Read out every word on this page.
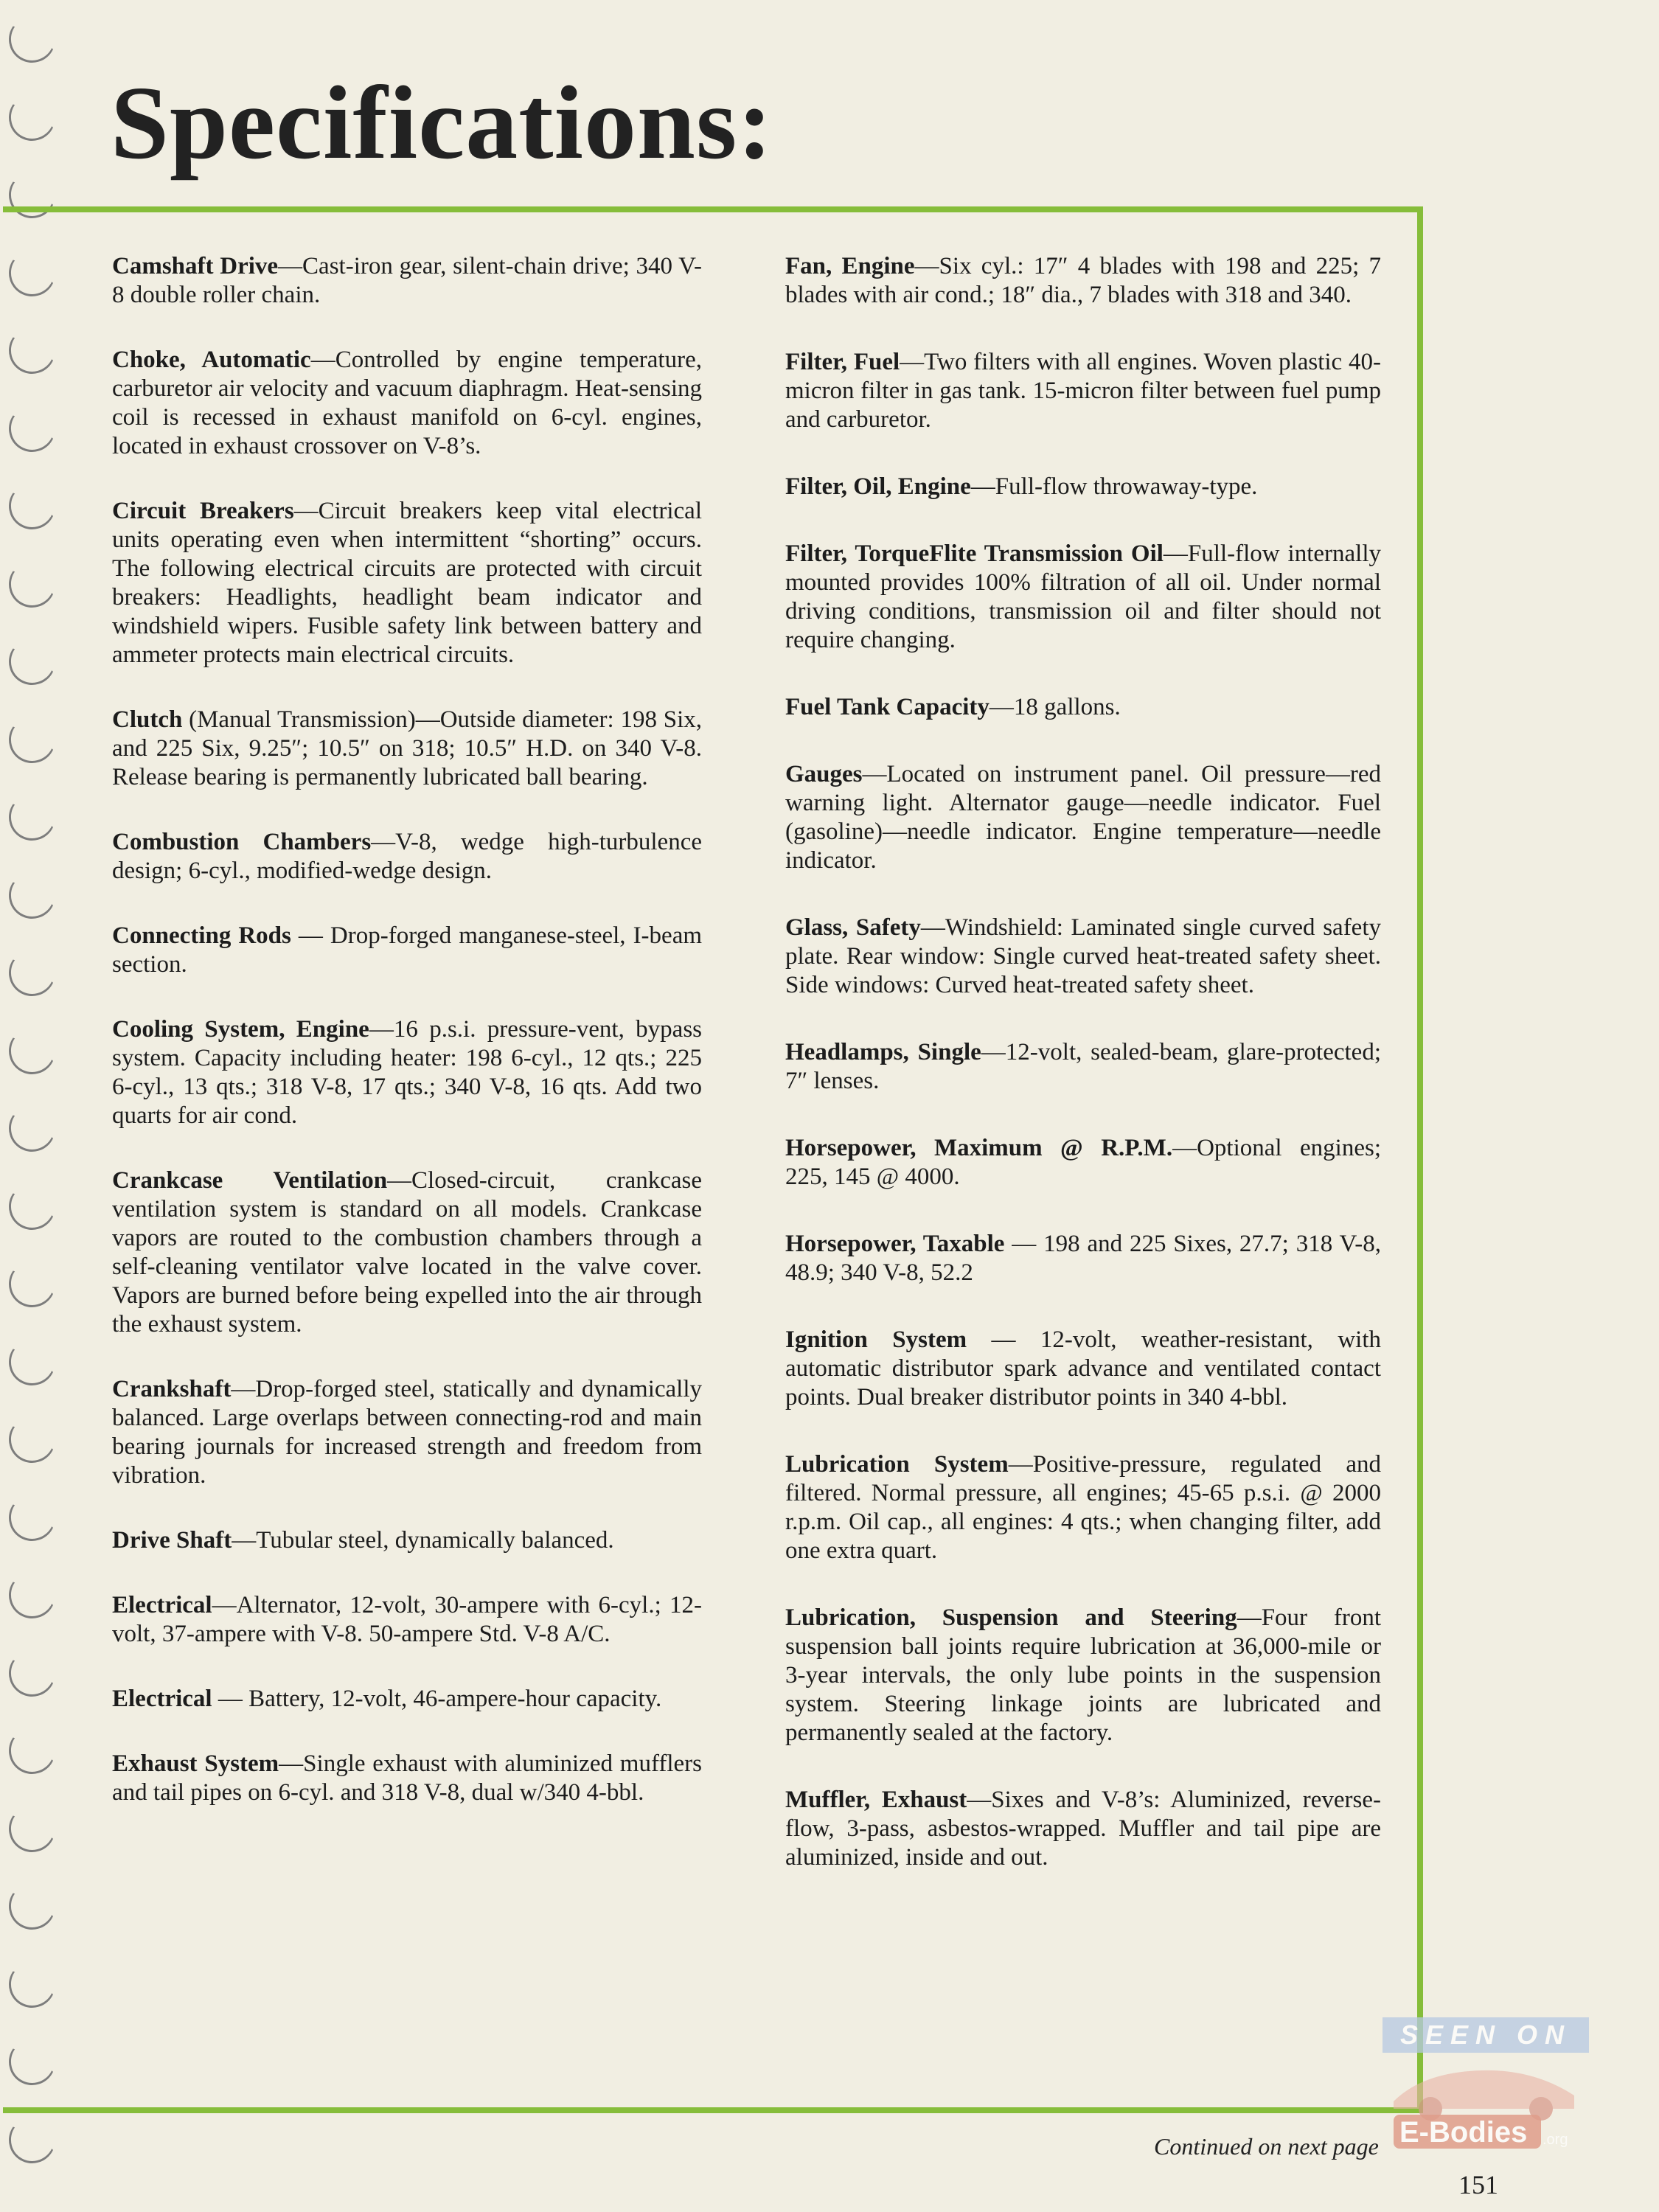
Specifications:

Camshaft Drive—Cast-iron gear, silent-chain drive; 340 V-8 double roller chain.

Choke, Automatic—Controlled by engine temperature, carburetor air velocity and vacuum diaphragm. Heat-sensing coil is recessed in exhaust manifold on 6-cyl. engines, located in exhaust crossover on V-8’s.

Circuit Breakers—Circuit breakers keep vital electrical units operating even when intermittent “shorting” occurs. The following electrical circuits are protected with circuit breakers: Headlights, headlight beam indicator and windshield wipers. Fusible safety link between battery and ammeter protects main electrical circuits.

Clutch (Manual Transmission)—Outside diameter: 198 Six, and 225 Six, 9.25″; 10.5″ on 318; 10.5″ H.D. on 340 V-8. Release bearing is permanently lubricated ball bearing.

Combustion Chambers—V-8, wedge high-turbulence design; 6-cyl., modified-wedge design.

Connecting Rods — Drop-forged manganese-steel, I-beam section.

Cooling System, Engine—16 p.s.i. pressure-vent, bypass system. Capacity including heater: 198 6-cyl., 12 qts.; 225 6-cyl., 13 qts.; 318 V-8, 17 qts.; 340 V-8, 16 qts. Add two quarts for air cond.

Crankcase Ventilation—Closed-circuit, crankcase ventilation system is standard on all models. Crankcase vapors are routed to the combustion chambers through a self-cleaning ventilator valve located in the valve cover. Vapors are burned before being expelled into the air through the exhaust system.

Crankshaft—Drop-forged steel, statically and dynamically balanced. Large overlaps between connecting-rod and main bearing journals for increased strength and freedom from vibration.

Drive Shaft—Tubular steel, dynamically balanced.

Electrical—Alternator, 12-volt, 30-ampere with 6-cyl.; 12-volt, 37-ampere with V-8. 50-ampere Std. V-8 A/C.

Electrical — Battery, 12-volt, 46-ampere-hour capacity.

Exhaust System—Single exhaust with aluminized mufflers and tail pipes on 6-cyl. and 318 V-8, dual w/340 4-bbl.

Fan, Engine—Six cyl.: 17″ 4 blades with 198 and 225; 7 blades with air cond.; 18″ dia., 7 blades with 318 and 340.

Filter, Fuel—Two filters with all engines. Woven plastic 40-micron filter in gas tank. 15-micron filter between fuel pump and carburetor.

Filter, Oil, Engine—Full-flow throwaway-type.

Filter, TorqueFlite Transmission Oil—Full-flow internally mounted provides 100% filtration of all oil. Under normal driving conditions, transmission oil and filter should not require changing.

Fuel Tank Capacity—18 gallons.

Gauges—Located on instrument panel. Oil pressure—red warning light. Alternator gauge—needle indicator. Fuel (gasoline)—needle indicator. Engine temperature—needle indicator.

Glass, Safety—Windshield: Laminated single curved safety plate. Rear window: Single curved heat-treated safety sheet. Side windows: Curved heat-treated safety sheet.

Headlamps, Single—12-volt, sealed-beam, glare-protected; 7″ lenses.

Horsepower, Maximum @ R.P.M.—Optional engines; 225, 145 @ 4000.

Horsepower, Taxable — 198 and 225 Sixes, 27.7; 318 V-8, 48.9; 340 V-8, 52.2

Ignition System — 12-volt, weather-resistant, with automatic distributor spark advance and ventilated contact points. Dual breaker distributor points in 340 4-bbl.

Lubrication System—Positive-pressure, regulated and filtered. Normal pressure, all engines; 45-65 p.s.i. @ 2000 r.p.m. Oil cap., all engines: 4 qts.; when changing filter, add one extra quart.

Lubrication, Suspension and Steering—Four front suspension ball joints require lubrication at 36,000-mile or 3-year intervals, the only lube points in the suspension system. Steering linkage joints are lubricated and permanently sealed at the factory.

Muffler, Exhaust—Sixes and V-8’s: Aluminized, reverse-flow, 3-pass, asbestos-wrapped. Muffler and tail pipe are aluminized, inside and out.

SEEN ON
E-Bodies .org
Continued on next page
151
